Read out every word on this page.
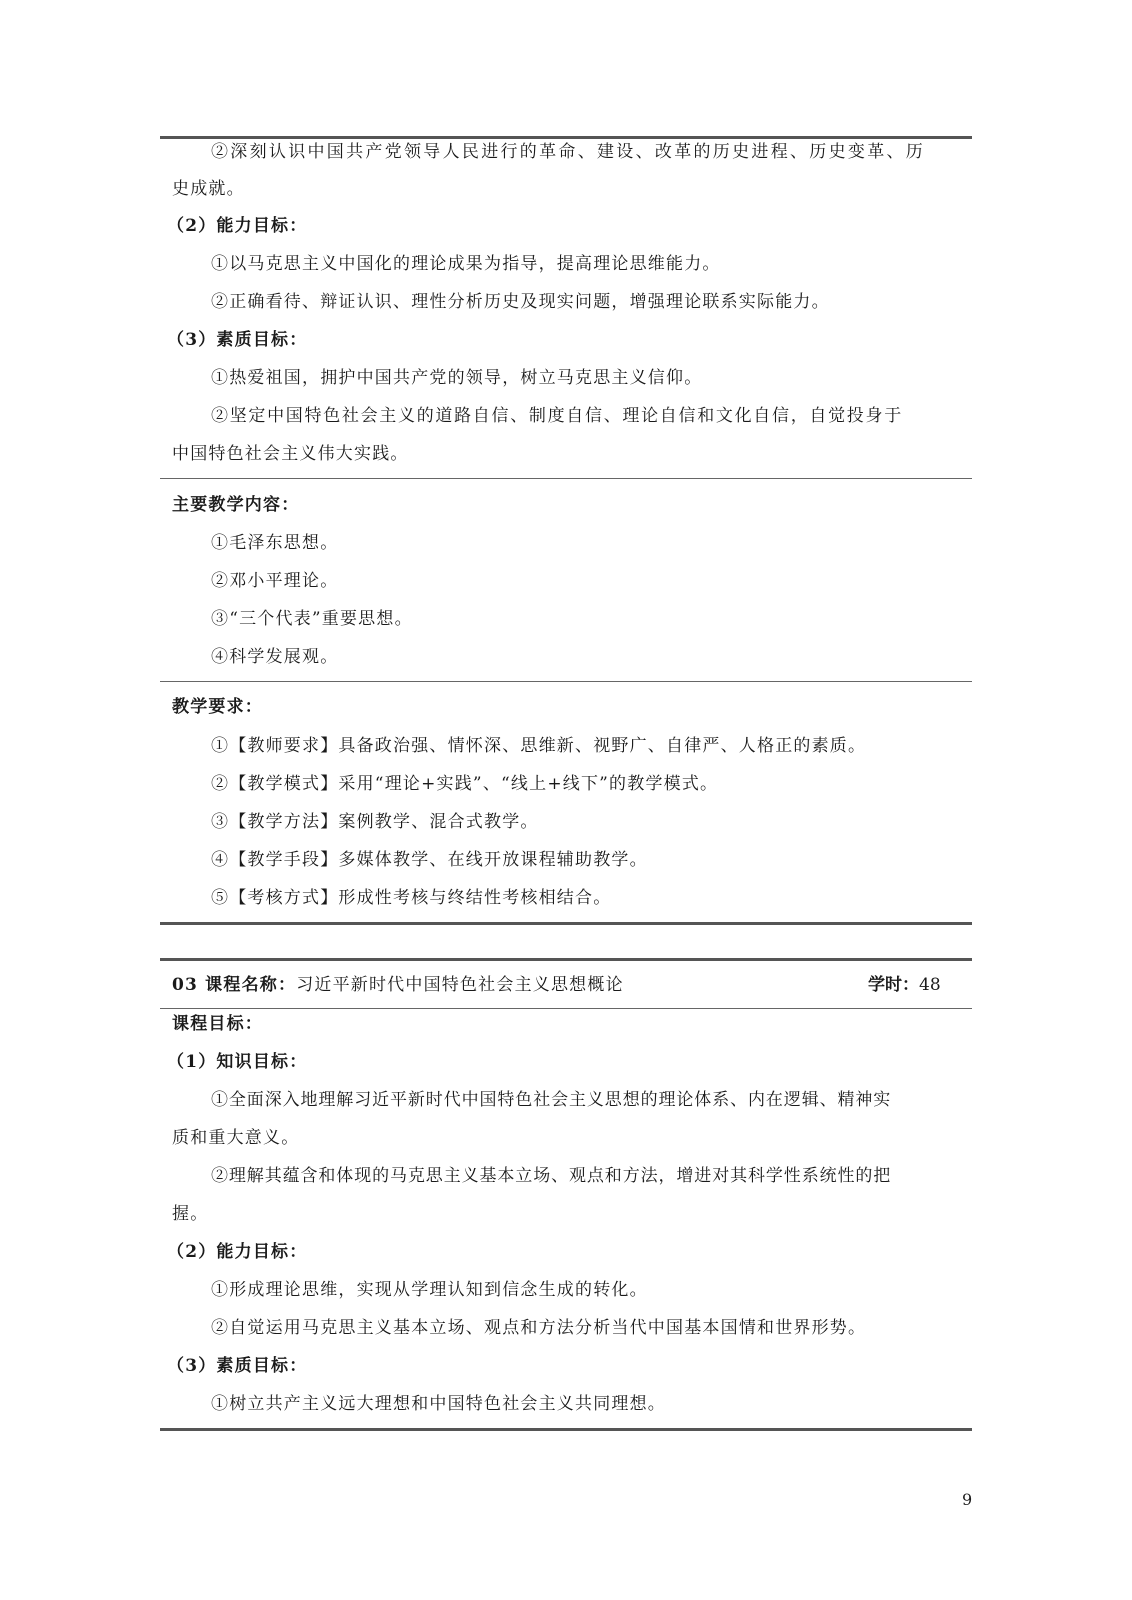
②深刻认识中国共产党领导人民进行的革命、建设、改革的历史进程、历史变革、历
史成就。
（2）能力目标：
①以马克思主义中国化的理论成果为指导，提高理论思维能力。
②正确看待、辩证认识、理性分析历史及现实问题，增强理论联系实际能力。
（3）素质目标：
①热爱祖国，拥护中国共产党的领导，树立马克思主义信仰。
②坚定中国特色社会主义的道路自信、制度自信、理论自信和文化自信，自觉投身于
中国特色社会主义伟大实践。
主要教学内容：
①毛泽东思想。
②邓小平理论。
③“三个代表”重要思想。
④科学发展观。
教学要求：
①【教师要求】具备政治强、情怀深、思维新、视野广、自律严、人格正的素质。
②【教学模式】采用“理论+实践”、“线上+线下”的教学模式。
③【教学方法】案例教学、混合式教学。
④【教学手段】多媒体教学、在线开放课程辅助教学。
⑤【考核方式】形成性考核与终结性考核相结合。
03 课程名称：习近平新时代中国特色社会主义思想概论	学时：48
课程目标：
（1）知识目标：
①全面深入地理解习近平新时代中国特色社会主义思想的理论体系、内在逻辑、精神实
质和重大意义。
②理解其蕴含和体现的马克思主义基本立场、观点和方法，增进对其科学性系统性的把
握。
（2）能力目标：
①形成理论思维，实现从学理认知到信念生成的转化。
②自觉运用马克思主义基本立场、观点和方法分析当代中国基本国情和世界形势。
（3）素质目标：
①树立共产主义远大理想和中国特色社会主义共同理想。
9
